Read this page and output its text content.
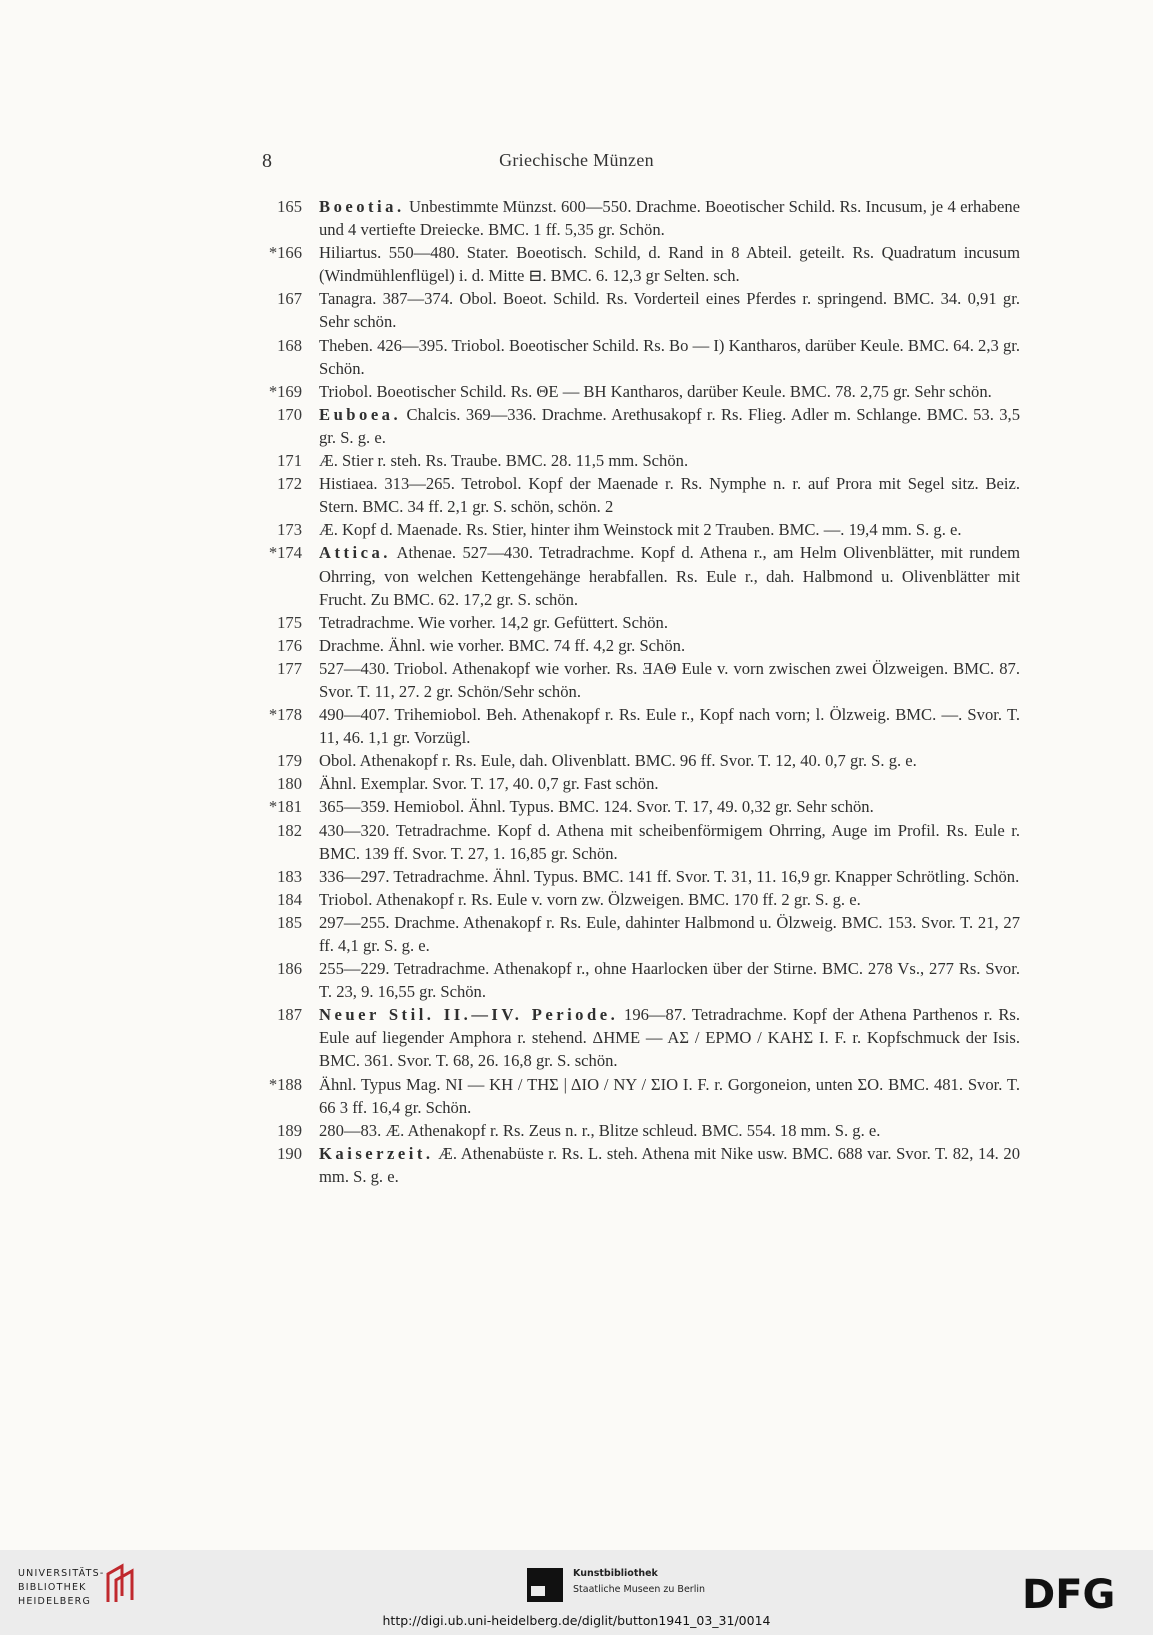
8	Griechische Münzen
165 Boeotia. Unbestimmte Münzst. 600—550. Drachme. Boeotischer Schild. Rs. Incusum, je 4 erhabene und 4 vertiefte Dreiecke. BMC. 1 ff. 5,35 gr. Schön.
*166 Hiliartus. 550—480. Stater. Boeotisch. Schild, d. Rand in 8 Abteil. geteilt. Rs. Quadratum incusum (Windmühlenflügel) i. d. Mitte ⊟. BMC. 6. 12,3 gr Selten. sch.
167 Tanagra. 387—374. Obol. Boeot. Schild. Rs. Vorderteil eines Pferdes r. springend. BMC. 34. 0,91 gr. Sehr schön.
168 Theben. 426—395. Triobol. Boeotischer Schild. Rs. Bo — I) Kantharos, darüber Keule. BMC. 64. 2,3 gr. Schön.
*169 Triobol. Boeotischer Schild. Rs. ΘE — BH Kantharos, darüber Keule. BMC. 78. 2,75 gr. Sehr schön.
170 Euboea. Chalcis. 369—336. Drachme. Arethusakopf r. Rs. Flieg. Adler m. Schlange. BMC. 53. 3,5 gr. S. g. e.
171 Æ. Stier r. steh. Rs. Traube. BMC. 28. 11,5 mm. Schön.
172 Histiaea. 313—265. Tetrobol. Kopf der Maenade r. Rs. Nymphe n. r. auf Prora mit Segel sitz. Beiz. Stern. BMC. 34 ff. 2,1 gr. S. schön, schön. 2
173 Æ. Kopf d. Maenade. Rs. Stier, hinter ihm Weinstock mit 2 Trauben. BMC. —. 19,4 mm. S. g. e.
*174 Attica. Athenae. 527—430. Tetradrachme. Kopf d. Athena r., am Helm Olivenblätter, mit rundem Ohrring, von welchen Kettengehänge herabfallen. Rs. Eule r., dah. Halbmond u. Olivenblätter mit Frucht. Zu BMC. 62. 17,2 gr. S. schön.
175 Tetradrachme. Wie vorher. 14,2 gr. Gefüttert. Schön.
176 Drachme. Ähnl. wie vorher. BMC. 74 ff. 4,2 gr. Schön.
177 527—430. Triobol. Athenakopf wie vorher. Rs. ƎAΘ Eule v. vorn zwischen zwei Ölzweigen. BMC. 87. Svor. T. 11, 27. 2 gr. Schön/Sehr schön.
*178 490—407. Trihemiobol. Beh. Athenakopf r. Rs. Eule r., Kopf nach vorn; l. Ölzweig. BMC. —. Svor. T. 11, 46. 1,1 gr. Vorzügl.
179 Obol. Athenakopf r. Rs. Eule, dah. Olivenblatt. BMC. 96 ff. Svor. T. 12, 40. 0,7 gr. S. g. e.
180 Ähnl. Exemplar. Svor. T. 17, 40. 0,7 gr. Fast schön.
*181 365—359. Hemiobol. Ähnl. Typus. BMC. 124. Svor. T. 17, 49. 0,32 gr. Sehr schön.
182 430—320. Tetradrachme. Kopf d. Athena mit scheibenförmigem Ohrring, Auge im Profil. Rs. Eule r. BMC. 139 ff. Svor. T. 27, 1. 16,85 gr. Schön.
183 336—297. Tetradrachme. Ähnl. Typus. BMC. 141 ff. Svor. T. 31, 11. 16,9 gr. Knapper Schrötling. Schön.
184 Triobol. Athenakopf r. Rs. Eule v. vorn zw. Ölzweigen. BMC. 170 ff. 2 gr. S. g. e.
185 297—255. Drachme. Athenakopf r. Rs. Eule, dahinter Halbmond u. Ölzweig. BMC. 153. Svor. T. 21, 27 ff. 4,1 gr. S. g. e.
186 255—229. Tetradrachme. Athenakopf r., ohne Haarlocken über der Stirne. BMC. 278 Vs., 277 Rs. Svor. T. 23, 9. 16,55 gr. Schön.
187 Neuer Stil. II.—IV. Periode. 196—87. Tetradrachme. Kopf der Athena Parthenos r. Rs. Eule auf liegender Amphora r. stehend. ΔHME — AΣ / EPMO / KAHΣ I. F. r. Kopfschmuck der Isis. BMC. 361. Svor. T. 68, 26. 16,8 gr. S. schön.
*188 Ähnl. Typus Mag. NI — KH / THΣ | ΔIO / NY / ΣIO I. F. r. Gorgoneion, unten ΣO. BMC. 481. Svor. T. 66 3 ff. 16,4 gr. Schön.
189 280—83. Æ. Athenakopf r. Rs. Zeus n. r., Blitze schleud. BMC. 554. 18 mm. S. g. e.
190 Kaiserzeit. Æ. Athenabüste r. Rs. L. steh. Athena mit Nike usw. BMC. 688 var. Svor. T. 82, 14. 20 mm. S. g. e.
UNIVERSITÄTS- BIBLIOTHEK HEIDELBERG
Kunstbibliothek
Staatliche Museen zu Berlin	DFG
http://digi.ub.uni-heidelberg.de/diglit/button1941_03_31/0014
